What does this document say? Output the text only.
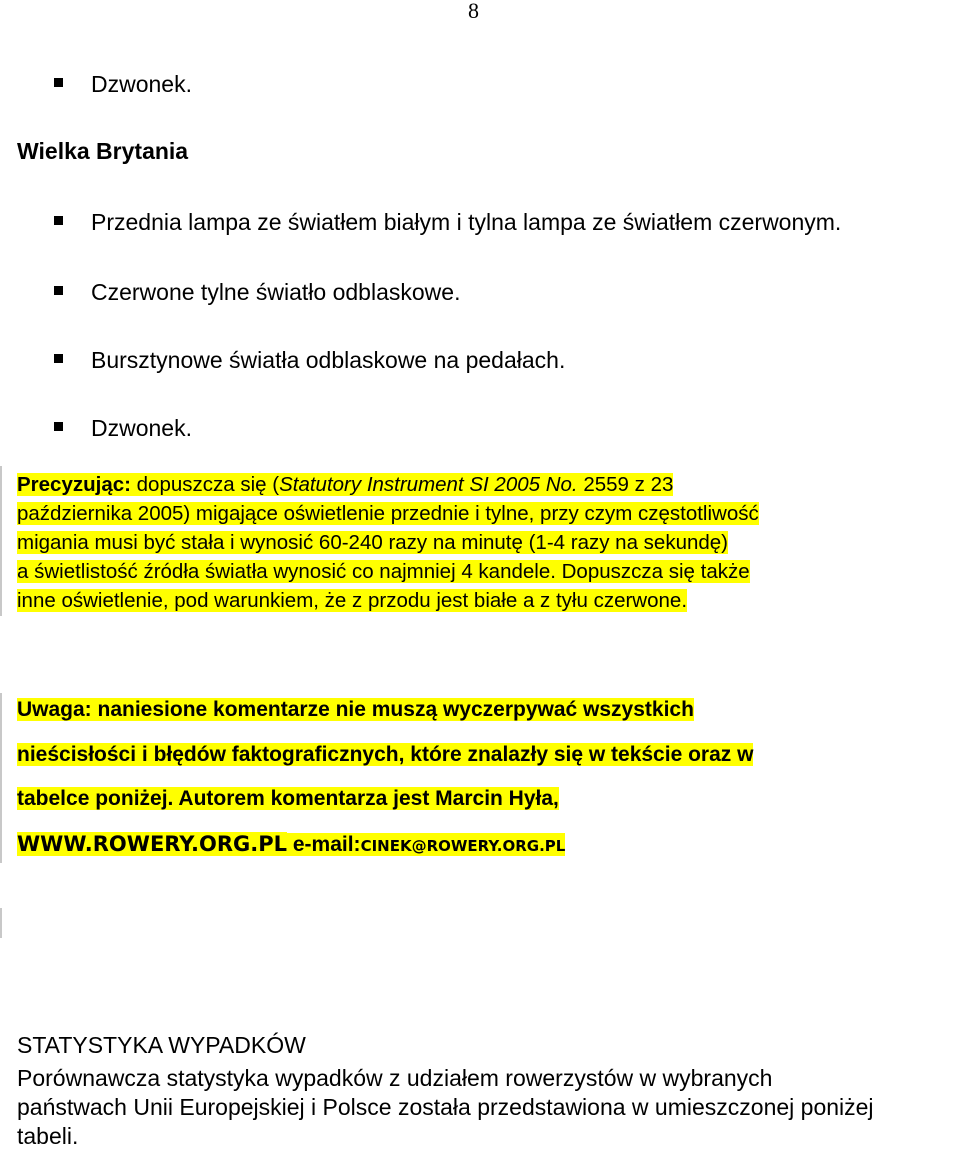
8
Dzwonek.
Wielka Brytania
Przednia lampa ze światłem białym i tylna lampa ze światłem czerwonym.
Czerwone tylne światło odblaskowe.
Bursztynowe światła odblaskowe na pedałach.
Dzwonek.
Precyzując: dopuszcza się (Statutory Instrument SI 2005 No. 2559 z 23
października 2005) migające oświetlenie przednie i tylne, przy czym częstotliwość
migania musi być stała i wynosić 60-240 razy na minutę (1-4 razy na sekundę)
a świetlistość źródła światła wynosić co najmniej 4 kandele. Dopuszcza się także
inne oświetlenie, pod warunkiem, że z przodu jest białe a z tyłu czerwone.
Uwaga: naniesione komentarze nie muszą wyczerpywać wszystkich
nieścisłości i błędów faktograficznych, które znalazły się w tekście oraz w
tabelce poniżej. Autorem komentarza jest Marcin Hyła,
WWW.ROWERY.ORG.PL e-mail:CINEK@ROWERY.ORG.PL
STATYSTYKA WYPADKÓW
Porównawcza statystyka wypadków z udziałem rowerzystów w wybranych
państwach Unii Europejskiej i Polsce została przedstawiona w umieszczonej poniżej
tabeli.
